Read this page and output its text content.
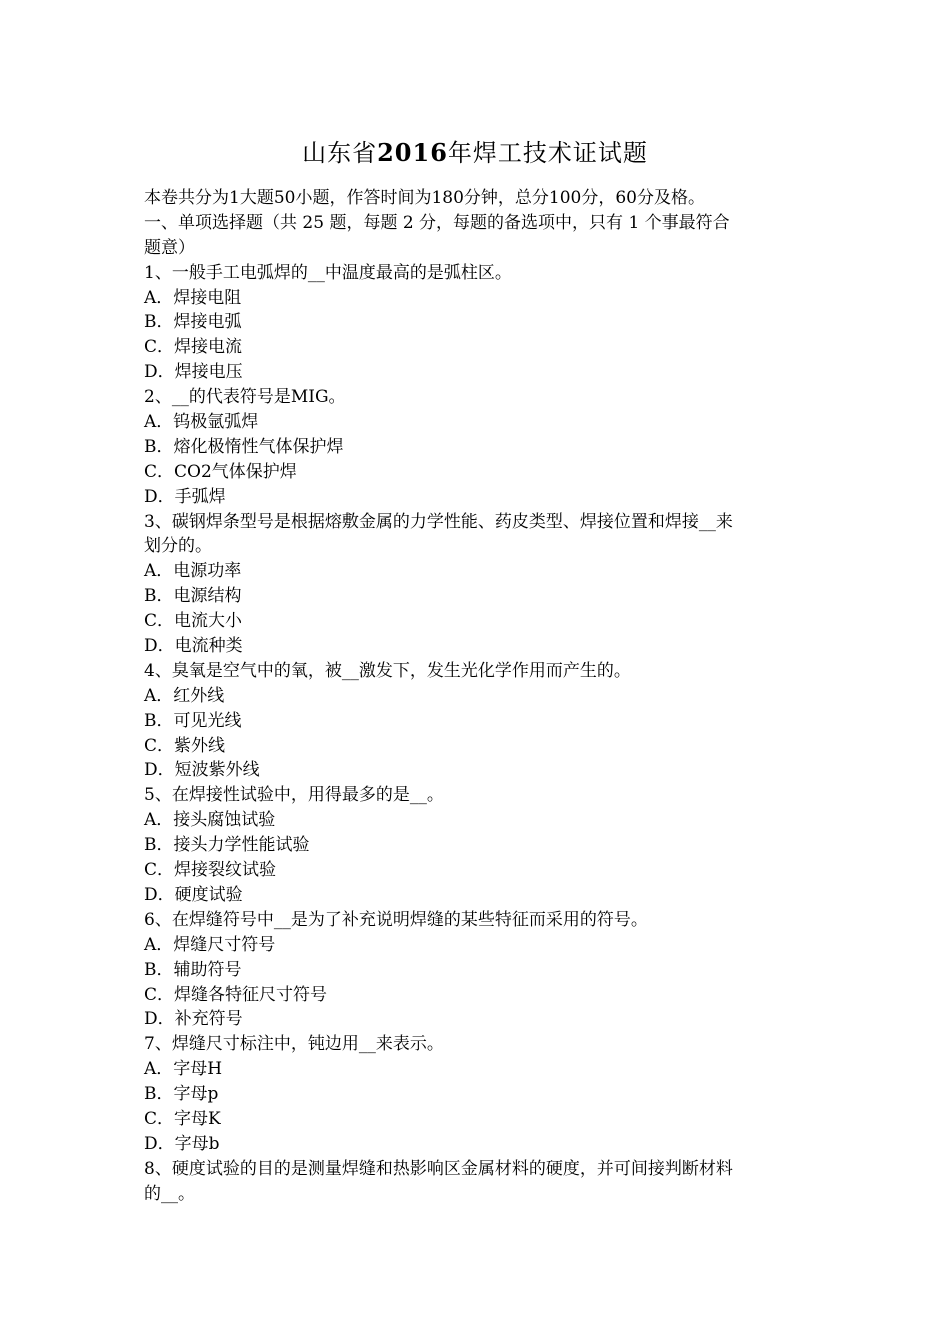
山东省2016年焊工技术证试题
本卷共分为1大题50小题，作答时间为180分钟，总分100分，60分及格。
一、单项选择题（共 25 题，每题 2 分，每题的备选项中，只有 1 个事最符合
题意）
1、一般手工电弧焊的__中温度最高的是弧柱区。
A．焊接电阻
B．焊接电弧
C．焊接电流
D．焊接电压
2、__的代表符号是MIG。
A．钨极氩弧焊
B．熔化极惰性气体保护焊
C．CO2气体保护焊
D．手弧焊
3、碳钢焊条型号是根据熔敷金属的力学性能、药皮类型、焊接位置和焊接__来
划分的。
A．电源功率
B．电源结构
C．电流大小
D．电流种类
4、臭氧是空气中的氧，被__激发下，发生光化学作用而产生的。
A．红外线
B．可见光线
C．紫外线
D．短波紫外线
5、在焊接性试验中，用得最多的是__。
A．接头腐蚀试验
B．接头力学性能试验
C．焊接裂纹试验
D．硬度试验
6、在焊缝符号中__是为了补充说明焊缝的某些特征而采用的符号。
A．焊缝尺寸符号
B．辅助符号
C．焊缝各特征尺寸符号
D．补充符号
7、焊缝尺寸标注中，钝边用__来表示。
A．字母H
B．字母p
C．字母K
D．字母b
8、硬度试验的目的是测量焊缝和热影响区金属材料的硬度，并可间接判断材料
的__。
